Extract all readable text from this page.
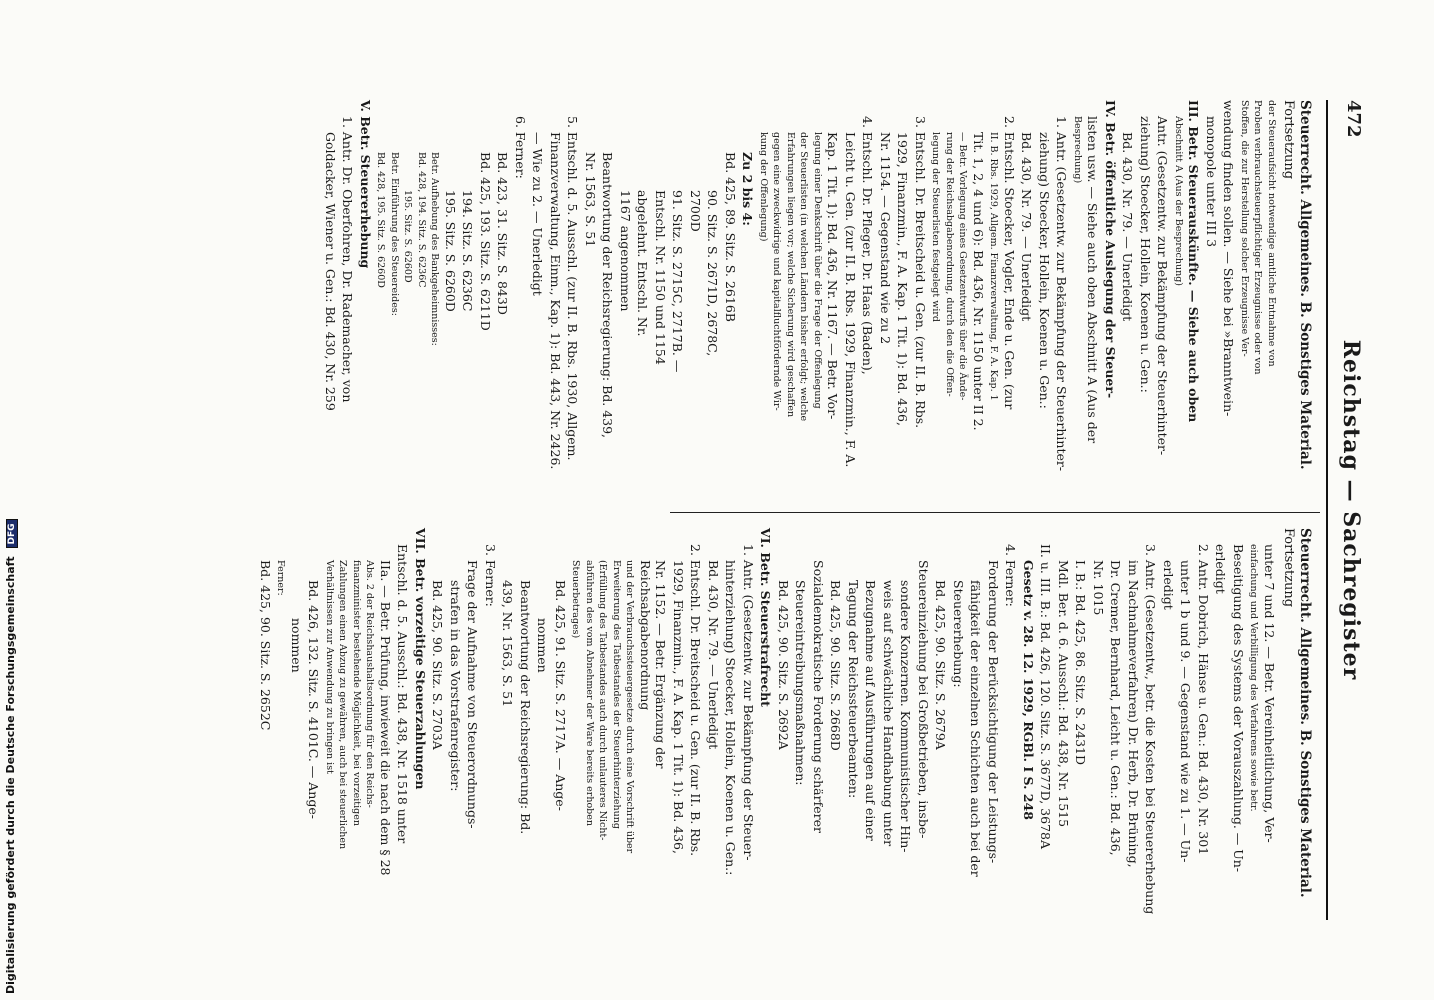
472
Reichstag — Sachregister
Steuerrecht. Allgemeines. B. Sonstiges Material.
Fortsetzung
der Steueraufsicht notwendige amtliche Entnahme von
Proben verbrauchsteuerpflichtiger Erzeugnisse oder von
Stoffen, die zur Herstellung solcher Erzeugnisse Ver-
wendung finden sollen. — Siehe bei »Branntwein-
monopole unter III 3
III. Betr. Steuerauskünfte. — Siehe auch oben
Abschnitt A (Aus der Besprechung)
Antr. (Gesetzentw. zur Bekämpfung der Steuerhinter-
ziehung) Stoecker, Hollein, Koenen u. Gen.:
Bd. 430, Nr. 79. — Unerledigt
IV. Betr. öffentliche Auslegung der Steuer-
listen usw. — Siehe auch oben Abschnitt A (Aus der
Besprechung)
1. Antr. (Gesetzentw. zur Bekämpfung der Steuerhinter-
ziehung) Stoecker, Hollein, Koenen u. Gen.:
Bd. 430, Nr. 79. — Unerledigt
2. Entschl. Stoecker, Vogler, Ende u. Gen. (zur
II. B. Rbs. 1929, Allgem. Finanzverwaltung, F. A. Kap. 1
Tit. 1, 2, 4 und 6): Bd. 436, Nr. 1150 unter II 2.
— Betr. Vorlegung eines Gesetzentwurfs über die Ände-
rung der Reichsabgabenordnung, durch den die Offen-
legung der Steuerlisten festgelegt wird
3. Entschl. Dr. Breitscheid u. Gen. (zur II. B. Rbs.
1929, Finanzmin., F. A. Kap. 1 Tit. 1): Bd. 436,
Nr. 1154. — Gegenstand wie zu 2
4. Entschl. Dr. Pfleger, Dr. Haas (Baden),
Leicht u. Gen. (zur II. B. Rbs. 1929, Finanzmin., F. A.
Kap. 1 Tit. 1): Bd. 436, Nr. 1167. — Betr. Vor-
legung einer Denkschrift über die Frage der Offenlegung
der Steuerlisten (in welchen Ländern bisher erfolgt; welche
Erfahrungen liegen vor; welche Sicherung wird geschaffen
gegen eine zweckwidrige und kapitalfluchtfördernde Wir-
kung der Offenlegung)
Zu 2 bis 4:
Bd. 425, 89. Sitz. S. 2616B
90. Sitz. S. 2671D, 2678C,
2700D
91. Sitz. S. 2715C, 2717B. —
Entschl. Nr. 1150 und 1154
abgelehnt. Entschl. Nr.
1167 angenommen
Beantwortung der Reichsregierung: Bd. 439,
Nr. 1563, S. 51
5. Entschl. d. 5. Ausschl. (zur II. B. Rbs. 1930, Allgem.
Finanzverwaltung, Einm., Kap. 1): Bd. 443, Nr. 2426.
— Wie zu 2. — Unerledigt
6. Ferner:
Bd. 423, 31. Sitz. S. 843D
Bd. 425, 193. Sitz. S. 6211D
194. Sitz. S. 6236C
195. Sitz. S. 6260D
Betr. Aufhebung des Bankgeheimnisses:
Bd. 428, 194. Sitz. S. 6236C
195. Sitz. S. 6260D
Betr. Einführung des Steuereides:
Bd. 428, 195. Sitz. S. 6260D
V. Betr. Steuererhebung
1. Antr. Dr. Oberfohren, Dr. Rademacher, von
Goldacker, Wiener u. Gen.: Bd. 430, Nr. 259
Steuerrecht. Allgemeines. B. Sonstiges Material.
Fortsetzung
unter 7 und 12. — Betr. Vereinheitlichung, Ver-
einfachung und Verbilligung des Verfahrens sowie betr.
Beseitigung des Systems der Vorauszahlung. — Un-
erledigt
2. Antr. Dobrich, Hänse u. Gen.: Bd. 430, Nr. 301
unter 1 b und 9. — Gegenstand wie zu 1. — Un-
erledigt
3. Antr. (Gesetzentw., betr. die Kosten bei Steuererhebung
im Nachnahmeverfahren) Dr. Herb, Dr. Brüning,
Dr. Cremer, Bernhard, Leicht u. Gen.: Bd. 436,
Nr. 1015
I. B.: Bd. 425, 86. Sitz. S. 2431D
Mdl. Ber. d. 6. Ausschl.: Bd. 438, Nr. 1515
II. u. III. B.: Bd. 426, 120. Sitz. S. 3677D, 3678A
Gesetz v. 28. 12. 1929, RGBl. I S. 248
4. Ferner:
Forderung der Berücksichtigung der Leistungs-
fähigkeit der einzelnen Schichten auch bei der
Steuererhebung:
Bd. 425, 90. Sitz. S. 2679A
Steuereinziehung bei Großbetrieben, insbe-
sondere Konzernen. Kommunistischer Hin-
weis auf schwächliche Handhabung unter
Bezugnahme auf Ausführungen auf einer
Tagung der Reichssteuerbeamten:
Bd. 425, 90. Sitz. S. 2668D
Sozialdemokratische Forderung schärferer
Steuereintreibungsmaßnahmen:
Bd. 425, 90. Sitz. S. 2692A
VI. Betr. Steuerstrafrecht
1. Antr. (Gesetzentw. zur Bekämpfung der Steuer-
hinterziehung) Stoecker, Hollein, Koenen u. Gen.:
Bd. 430, Nr. 79. — Unerledigt
2. Entschl. Dr. Breitscheid u. Gen. (zur II. B. Rbs.
1929, Finanzmin., F. A. Kap. 1 Tit. 1): Bd. 436,
Nr. 1152. — Betr. Ergänzung der Reichsabgabenordnung
und der Verbrauchssteuergesetze durch eine Vorschrift über
Erweiterung des Tatbestandes der Steuerhinterziehung
(Erfüllung des Tatbestandes auch durch unlauteres Nicht-
abführen des vom Abnehmer der Ware bereits erhoben
Steuerbetrages)
Bd. 425, 91. Sitz. S. 2717A. — Ange-
nommen
Beantwortung der Reichsregierung: Bd.
439, Nr. 1563, S. 51
3. Ferner:
Frage der Aufnahme von Steuerordnungs-
strafen in das Vorstrafenregister:
Bd. 425, 90. Sitz. S. 2703A
VII. Betr. vorzeitige Steuerzahlungen
Entschl. d. 5. Ausschl.: Bd. 438, Nr. 1518 unter
IIa. — Betr. Prüfung, inwieweit die nach dem § 28
Abs. 2 der Reichshaushaltsordnung für den Reichs-
finanzminister bestehende Möglichkeit, bei vorzeitigen
Zahlungen einen Abzug zu gewähren, auch bei steuerlichen
Verhältnissen zur Anwendung zu bringen ist
Bd. 426, 132. Sitz. S. 4101C. — Ange-
nommen
Ferner:
Bd. 425, 90. Sitz. S. 2652C
Digitalisierung gefördert durch die Deutsche Forschungsgemeinschaft DFG
